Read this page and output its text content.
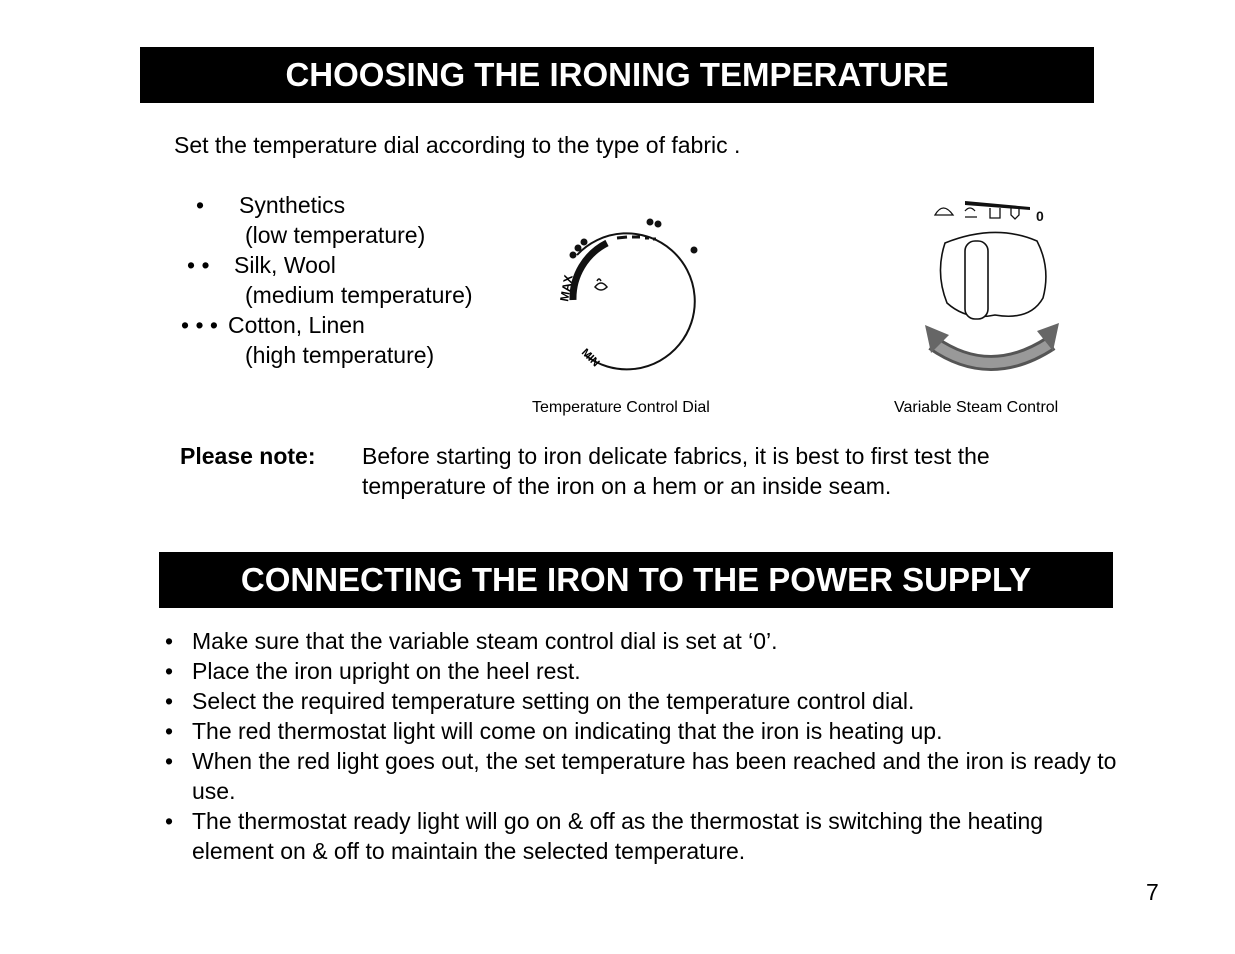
CHOOSING THE IRONING TEMPERATURE
Set the temperature dial according to the type of fabric .
• Synthetics
(low temperature)
• • Silk, Wool
(medium temperature)
• • • Cotton, Linen
(high temperature)
MAX
MIN
0
Temperature Control Dial	Variable Steam Control
Please note: Before starting to iron delicate fabrics, it is best to first test the
temperature of the iron on a hem or an inside seam.
CONNECTING THE IRON TO THE POWER SUPPLY
• Make sure that the variable steam control dial is set at ‘0’.
• Place the iron upright on the heel rest.
• Select the required temperature setting on the temperature control dial.
• The red thermostat light will come on indicating that the iron is heating up.
• When the red light goes out, the set temperature has been reached and the iron is ready to use.
• The thermostat ready light will go on & off as the thermostat is switching the heating element on & off to maintain the selected temperature.
7
